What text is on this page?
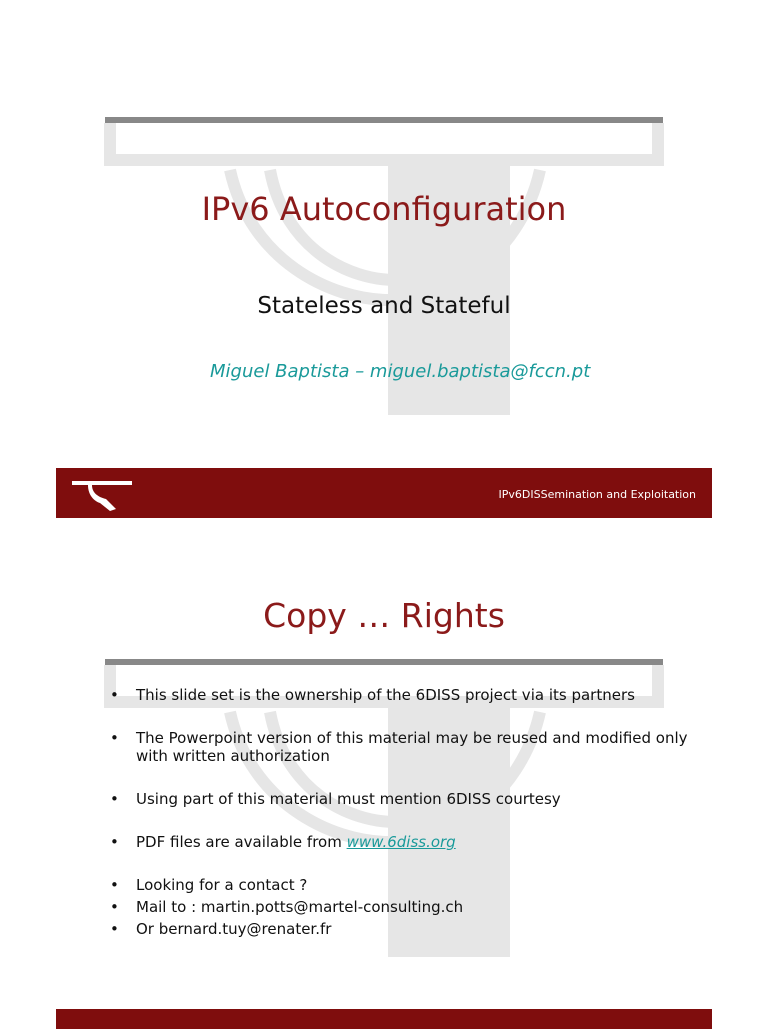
IPv6 Autoconfiguration
Stateless and Stateful
Miguel Baptista – miguel.baptista@fccn.pt
IPv6DISSemination and Exploitation
Copy … Rights
• This slide set is the ownership of the 6DISS project via its partners
• The Powerpoint version of this material may be reused and modified only with written authorization
• Using part of this material must mention 6DISS courtesy
• PDF files are available from www.6diss.org
• Looking for a contact ?
• Mail to : martin.potts@martel-consulting.ch
• Or bernard.tuy@renater.fr
